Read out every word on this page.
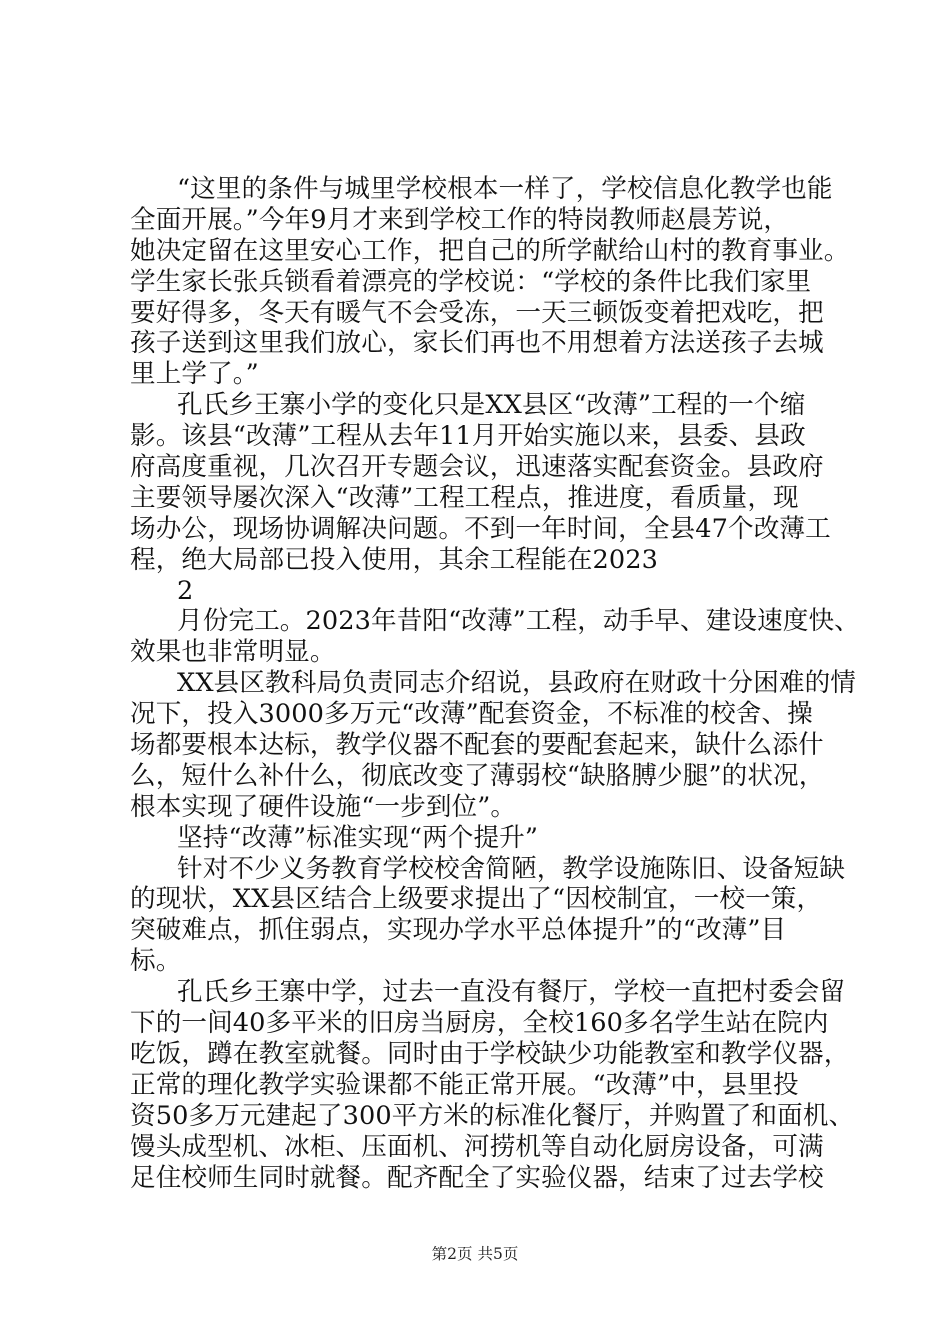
“这里的条件与城里学校根本一样了，学校信息化教学也能
全面开展。”今年9月才来到学校工作的特岗教师赵晨芳说，
她决定留在这里安心工作，把自己的所学献给山村的教育事业。
学生家长张兵锁看着漂亮的学校说：“学校的条件比我们家里
要好得多，冬天有暖气不会受冻，一天三顿饭变着把戏吃，把
孩子送到这里我们放心，家长们再也不用想着方法送孩子去城
里上学了。”
孔氏乡王寨小学的变化只是XX县区“改薄”工程的一个缩
影。该县“改薄”工程从去年11月开始实施以来，县委、县政
府高度重视，几次召开专题会议，迅速落实配套资金。县政府
主要领导屡次深入“改薄”工程工程点，推进度，看质量，现
场办公，现场协调解决问题。不到一年时间，全县47个改薄工
程，绝大局部已投入使用，其余工程能在2023
2
月份完工。2023年昔阳“改薄”工程，动手早、建设速度快、
效果也非常明显。
XX县区教科局负责同志介绍说，县政府在财政十分困难的情
况下，投入3000多万元“改薄”配套资金，不标准的校舍、操
场都要根本达标，教学仪器不配套的要配套起来，缺什么添什
么，短什么补什么，彻底改变了薄弱校“缺胳膊少腿”的状况，
根本实现了硬件设施“一步到位”。
坚持“改薄”标准实现“两个提升”
针对不少义务教育学校校舍简陋，教学设施陈旧、设备短缺
的现状，XX县区结合上级要求提出了“因校制宜，一校一策，
突破难点，抓住弱点，实现办学水平总体提升”的“改薄”目
标。
孔氏乡王寨中学，过去一直没有餐厅，学校一直把村委会留
下的一间40多平米的旧房当厨房，全校160多名学生站在院内
吃饭，蹲在教室就餐。同时由于学校缺少功能教室和教学仪器，
正常的理化教学实验课都不能正常开展。“改薄”中，县里投
资50多万元建起了300平方米的标准化餐厅，并购置了和面机、
馒头成型机、冰柜、压面机、河捞机等自动化厨房设备，可满
足住校师生同时就餐。配齐配全了实验仪器，结束了过去学校
第2页 共5页
